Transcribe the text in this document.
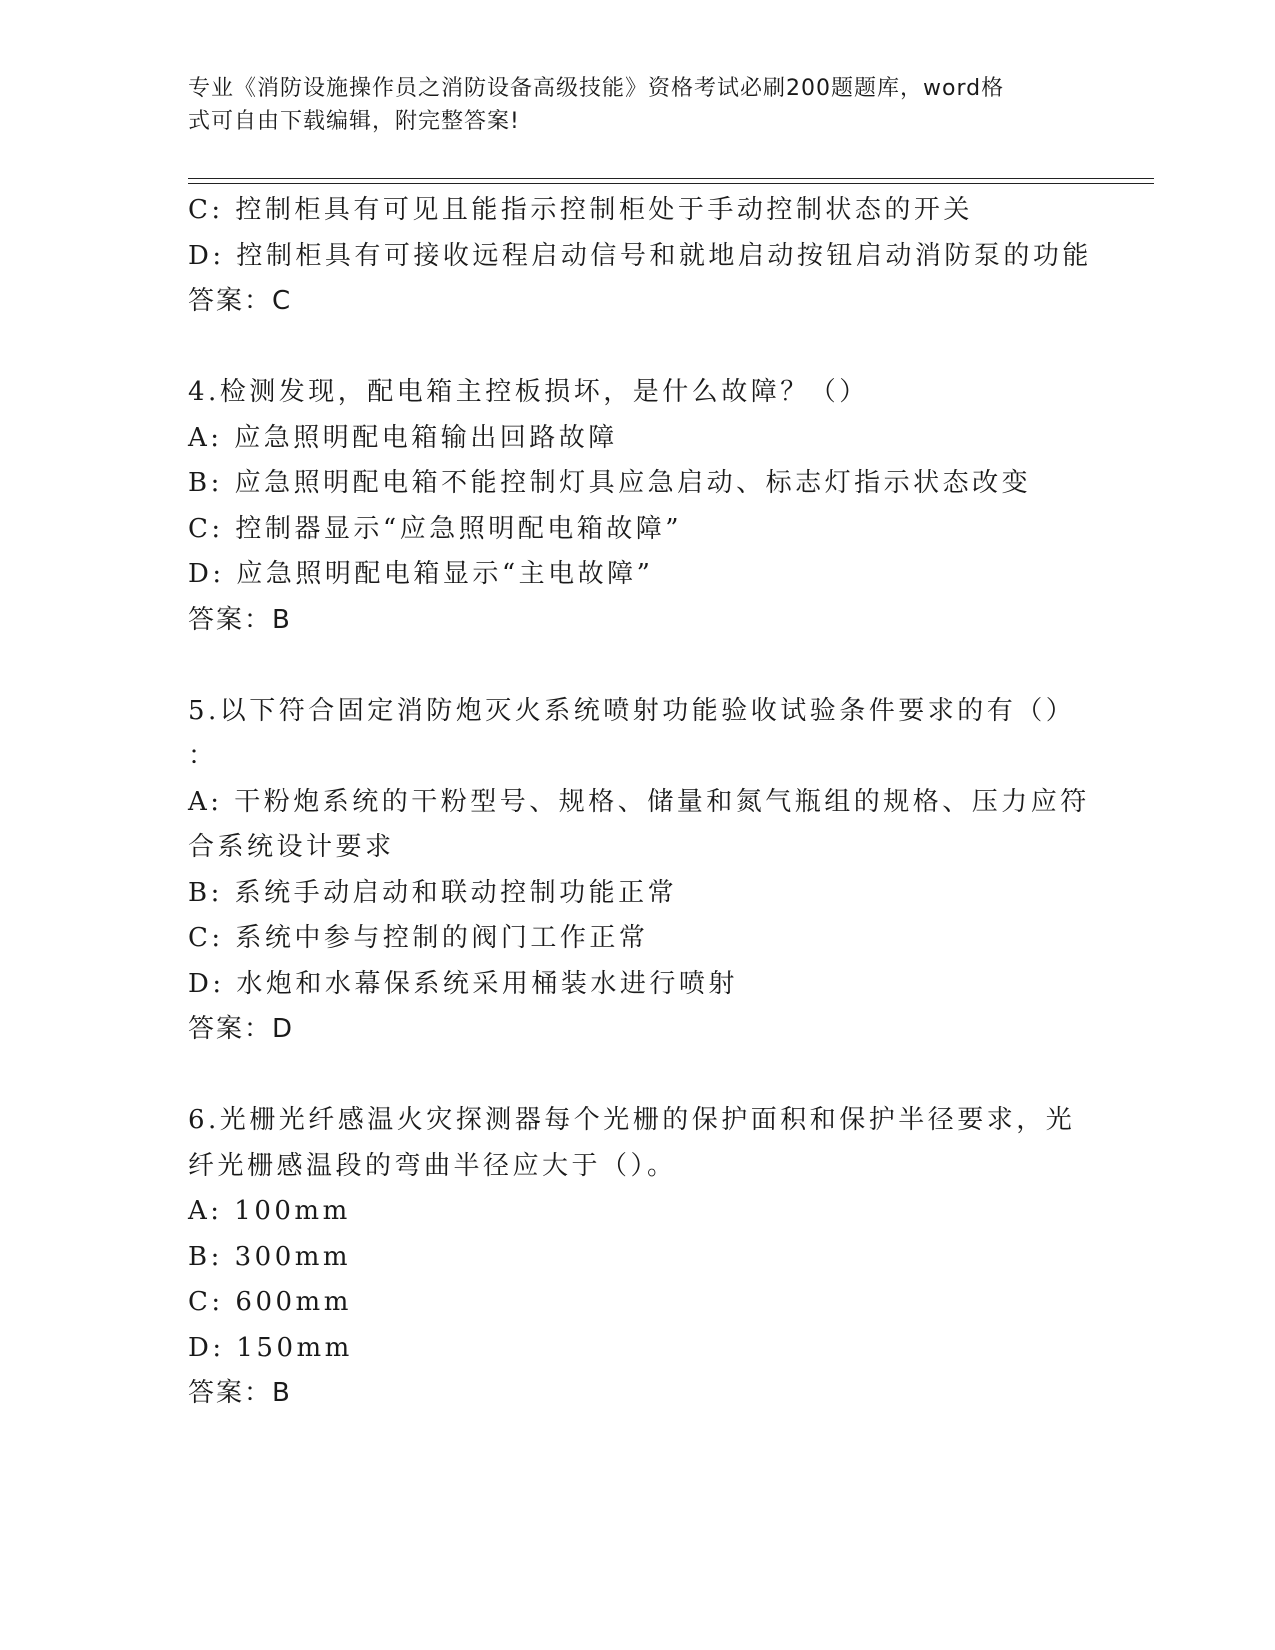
专业《消防设施操作员之消防设备高级技能》资格考试必刷200题题库，word格
式可自由下载编辑，附完整答案!

C: 控制柜具有可见且能指示控制柜处于手动控制状态的开关

D: 控制柜具有可接收远程启动信号和就地启动按钮启动消防泵的功能

答案：C

4.检测发现，配电箱主控板损坏，是什么故障？（）

A: 应急照明配电箱输出回路故障

B: 应急照明配电箱不能控制灯具应急启动、标志灯指示状态改变

C: 控制器显示“应急照明配电箱故障”

D: 应急照明配电箱显示“主电故障”

答案：B

5.以下符合固定消防炮灭火系统喷射功能验收试验条件要求的有（）

：

A: 干粉炮系统的干粉型号、规格、储量和氮气瓶组的规格、压力应符

合系统设计要求

B: 系统手动启动和联动控制功能正常

C: 系统中参与控制的阀门工作正常

D: 水炮和水幕保系统采用桶装水进行喷射

答案：D

6.光栅光纤感温火灾探测器每个光栅的保护面积和保护半径要求，光

纤光栅感温段的弯曲半径应大于（）。

A: 100mm

B: 300mm

C: 600mm

D: 150mm

答案：B
